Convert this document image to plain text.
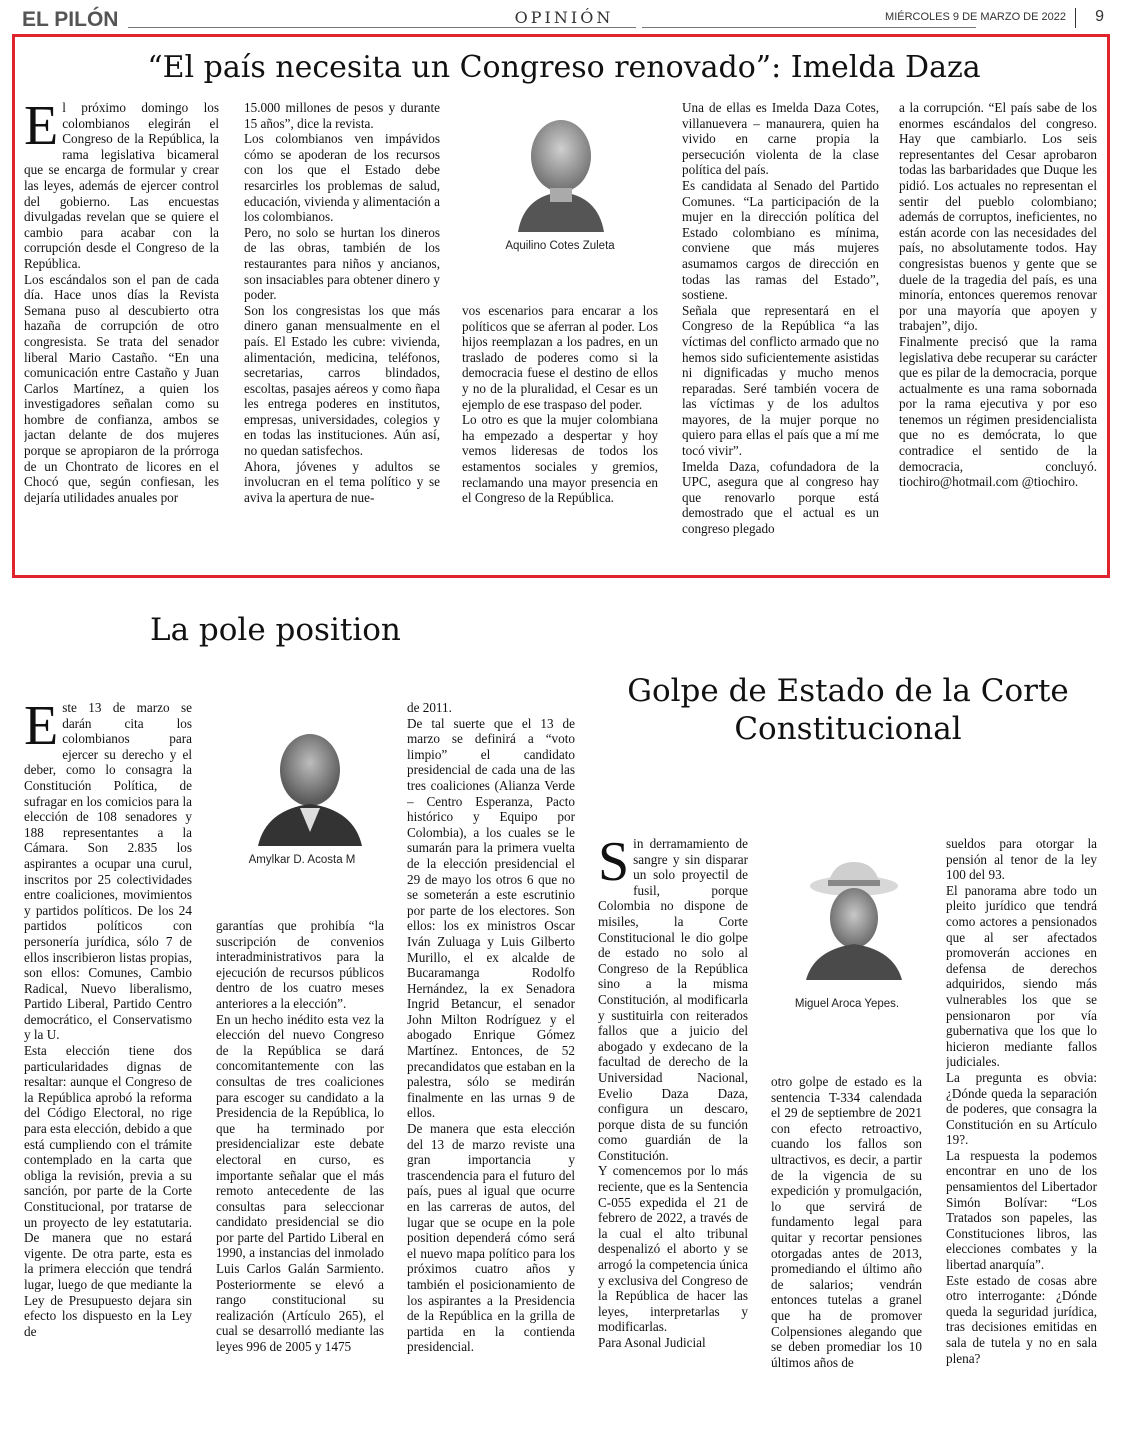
EL PILÓN	OPINIÓN	MIÉRCOLES 9 DE MARZO DE 2022 9
“El país necesita un Congreso renovado”: Imelda Daza
El próximo domingo los colombianos elegirán el Congreso de la República, la rama legislativa bicameral que se encarga de formular y crear las leyes, además de ejercer control del gobierno. Las encuestas divulgadas revelan que se quiere el cambio para acabar con la corrupción desde el Congreso de la República.
Los escándalos son el pan de cada día. Hace unos días la Revista Semana puso al descubierto otra hazaña de corrupción de otro congresista. Se trata del senador liberal Mario Castaño. “En una comunicación entre Castaño y Juan Carlos Martínez, a quien los investigadores señalan como su hombre de confianza, ambos se jactan delante de dos mujeres porque se apropiaron de la prórroga de un Chontrato de licores en el Chocó que, según confiesan, les dejaría utilidades anuales por
15.000 millones de pesos y durante 15 años”, dice la revista.
Los colombianos ven impávidos cómo se apoderan de los recursos con los que el Estado debe resarcirles los problemas de salud, educación, vivienda y alimentación a los colombianos.
Pero, no solo se hurtan los dineros de las obras, también de los restaurantes para niños y ancianos, son insaciables para obtener dinero y poder.
Son los congresistas los que más dinero ganan mensualmente en el país. El Estado les cubre: vivienda, alimentación, medicina, teléfonos, secretarias, carros blindados, escoltas, pasajes aéreos y como ñapa les entrega poderes en institutos, empresas, universidades, colegios y en todas las instituciones. Aún así, no quedan satisfechos.
Ahora, jóvenes y adultos se involucran en el tema político y se aviva la apertura de nue-
Aquilino Cotes Zuleta
vos escenarios para encarar a los políticos que se aferran al poder. Los hijos reemplazan a los padres, en un traslado de poderes como si la democracia fuese el destino de ellos y no de la pluralidad, el Cesar es un ejemplo de ese traspaso del poder.
Lo otro es que la mujer colombiana ha empezado a despertar y hoy vemos lideresas de todos los estamentos sociales y gremios, reclamando una mayor presencia en el Congreso de la República.
Una de ellas es Imelda Daza Cotes, villanuevera – manaurera, quien ha vivido en carne propia la persecución violenta de la clase política del país.
Es candidata al Senado del Partido Comunes. “La participación de la mujer en la dirección política del Estado colombiano es mínima, conviene que más mujeres asumamos cargos de dirección en todas las ramas del Estado”, sostiene.
Señala que representará en el Congreso de la República “a las víctimas del conflicto armado que no hemos sido suficientemente asistidas ni dignificadas y mucho menos reparadas. Seré también vocera de las víctimas y de los adultos mayores, de la mujer porque no quiero para ellas el país que a mí me tocó vivir”.
Imelda Daza, cofundadora de la UPC, asegura que al congreso hay que renovarlo porque está demostrado que el actual es un congreso plegado
a la corrupción. “El país sabe de los enormes escándalos del congreso. Hay que cambiarlo. Los seis representantes del Cesar aprobaron todas las barbaridades que Duque les pidió. Los actuales no representan el sentir del pueblo colombiano; además de corruptos, ineficientes, no están acorde con las necesidades del país, no absolutamente todos. Hay congresistas buenos y gente que se duele de la tragedia del país, es una minoría, entonces queremos renovar por una mayoría que apoyen y trabajen”, dijo.
Finalmente precisó que la rama legislativa debe recuperar su carácter que es pilar de la democracia, porque actualmente es una rama sobornada por la rama ejecutiva y por eso tenemos un régimen presidencialista que no es demócrata, lo que contradice el sentido de la democracia, concluyó. tiochiro@hotmail.com @tiochiro.
La pole position
Este 13 de marzo se darán cita los colombianos para ejercer su derecho y el deber, como lo consagra la Constitución Política, de sufragar en los comicios para la elección de 108 senadores y 188 representantes a la Cámara. Son 2.835 los aspirantes a ocupar una curul, inscritos por 25 colectividades entre coaliciones, movimientos y partidos políticos. De los 24 partidos políticos con personería jurídica, sólo 7 de ellos inscribieron listas propias, son ellos: Comunes, Cambio Radical, Nuevo liberalismo, Partido Liberal, Partido Centro democrático, el Conservatismo y la U.
Esta elección tiene dos particularidades dignas de resaltar: aunque el Congreso de la República aprobó la reforma del Código Electoral, no rige para esta elección, debido a que está cumpliendo con el trámite contemplado en la carta que obliga la revisión, previa a su sanción, por parte de la Corte Constitucional, por tratarse de un proyecto de ley estatutaria. De manera que no estará vigente. De otra parte, esta es la primera elección que tendrá lugar, luego de que mediante la Ley de Presupuesto dejara sin efecto los dispuesto en la Ley de
Amylkar D. Acosta M
garantías que prohibía “la suscripción de convenios interadministrativos para la ejecución de recursos públicos dentro de los cuatro meses anteriores a la elección”.
En un hecho inédito esta vez la elección del nuevo Congreso de la República se dará concomitantemente con las consultas de tres coaliciones para escoger su candidato a la Presidencia de la República, lo que ha terminado por presidencializar este debate electoral en curso, es importante señalar que el más remoto antecedente de las consultas para seleccionar candidato presidencial se dio por parte del Partido Liberal en 1990, a instancias del inmolado Luis Carlos Galán Sarmiento. Posteriormente se elevó a rango constitucional su realización (Artículo 265), el cual se desarrolló mediante las leyes 996 de 2005 y 1475
de 2011.
De tal suerte que el 13 de marzo se definirá a “voto limpio” el candidato presidencial de cada una de las tres coaliciones (Alianza Verde – Centro Esperanza, Pacto histórico y Equipo por Colombia), a los cuales se le sumarán para la primera vuelta de la elección presidencial el 29 de mayo los otros 6 que no se someterán a este escrutinio por parte de los electores. Son ellos: los ex ministros Oscar Iván Zuluaga y Luis Gilberto Murillo, el ex alcalde de Bucaramanga Rodolfo Hernández, la ex Senadora Ingrid Betancur, el senador John Milton Rodríguez y el abogado Enrique Gómez Martínez. Entonces, de 52 precandidatos que estaban en la palestra, sólo se medirán finalmente en las urnas 9 de ellos.
De manera que esta elección del 13 de marzo reviste una gran importancia y trascendencia para el futuro del país, pues al igual que ocurre en las carreras de autos, del lugar que se ocupe en la pole position dependerá cómo será el nuevo mapa político para los próximos cuatro años y también el posicionamiento de los aspirantes a la Presidencia de la República en la grilla de partida en la contienda presidencial.
Golpe de Estado de la Corte
Constitucional
Sin derramamiento de sangre y sin disparar un solo proyectil de fusil, porque Colombia no dispone de misiles, la Corte Constitucional le dio golpe de estado no solo al Congreso de la República sino a la misma Constitución, al modificarla y sustituirla con reiterados fallos que a juicio del abogado y exdecano de la facultad de derecho de la Universidad Nacional, Evelio Daza Daza, configura un descaro, porque dista de su función como guardián de la Constitución.
Y comencemos por lo más reciente, que es la Sentencia C-055 expedida el 21 de febrero de 2022, a través de la cual el alto tribunal despenalizó el aborto y se arrogó la competencia única y exclusiva del Congreso de la República de hacer las leyes, interpretarlas y modificarlas.
Para Asonal Judicial
Miguel Aroca Yepes.
otro golpe de estado es la sentencia T-334 calendada el 29 de septiembre de 2021 con efecto retroactivo, cuando los fallos son ultractivos, es decir, a partir de la vigencia de su expedición y promulgación, lo que servirá de fundamento legal para quitar y recortar pensiones otorgadas antes de 2013, promediando el último año de salarios; vendrán entonces tutelas a granel que ha de promover Colpensiones alegando que se deben promediar los 10 últimos años de
sueldos para otorgar la pensión al tenor de la ley 100 del 93.
El panorama abre todo un pleito jurídico que tendrá como actores a pensionados que al ser afectados promoverán acciones en defensa de derechos adquiridos, siendo más vulnerables los que se pensionaron por vía gubernativa que los que lo hicieron mediante fallos judiciales.
La pregunta es obvia: ¿Dónde queda la separación de poderes, que consagra la Constitución en su Artículo 19?.
La respuesta la podemos encontrar en uno de los pensamientos del Libertador Simón Bolívar: “Los Tratados son papeles, las Constituciones libros, las elecciones combates y la libertad anarquía”.
Este estado de cosas abre otro interrogante: ¿Dónde queda la seguridad jurídica, tras decisiones emitidas en sala de tutela y no en sala plena?
